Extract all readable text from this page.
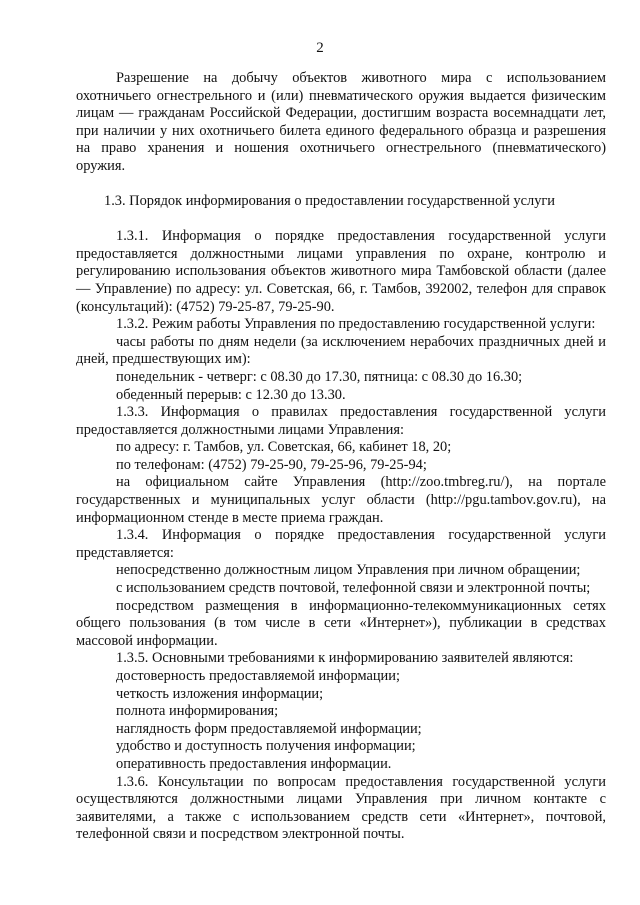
2

Разрешение на добычу объектов животного мира с использованием охотничьего огнестрельного и (или) пневматического оружия выдается физическим лицам — гражданам Российской Федерации, достигшим возраста восемнадцати лет, при наличии у них охотничьего билета единого федерального образца и разрешения на право хранения и ношения охотничьего огнестрельного (пневматического) оружия.

1.3. Порядок информирования о предоставлении государственной услуги

1.3.1. Информация о порядке предоставления государственной услуги предоставляется должностными лицами управления по охране, контролю и регулированию использования объектов животного мира Тамбовской области (далее — Управление) по адресу: ул. Советская, 66, г. Тамбов, 392002, телефон для справок (консультаций): (4752) 79-25-87, 79-25-90.

1.3.2. Режим работы Управления по предоставлению государственной услуги:

часы работы по дням недели (за исключением нерабочих праздничных дней и дней, предшествующих им):

понедельник - четверг: с 08.30 до 17.30, пятница: с 08.30 до 16.30;

обеденный перерыв: с 12.30 до 13.30.

1.3.3. Информация о правилах предоставления государственной услуги предоставляется должностными лицами Управления:

по адресу: г. Тамбов, ул. Советская, 66, кабинет 18, 20;

по телефонам: (4752) 79-25-90, 79-25-96, 79-25-94;

на официальном сайте Управления (http://zoo.tmbreg.ru/), на портале государственных и муниципальных услуг области (http://pgu.tambov.gov.ru), на информационном стенде в месте приема граждан.

1.3.4. Информация о порядке предоставления государственной услуги представляется:

непосредственно должностным лицом Управления при личном обращении;

с использованием средств почтовой, телефонной связи и электронной почты;

посредством размещения в информационно-телекоммуникационных сетях общего пользования (в том числе в сети «Интернет»), публикации в средствах массовой информации.

1.3.5. Основными требованиями к информированию заявителей являются:

достоверность предоставляемой информации;

четкость изложения информации;

полнота информирования;

наглядность форм предоставляемой информации;

удобство и доступность получения информации;

оперативность предоставления информации.

1.3.6. Консультации по вопросам предоставления государственной услуги осуществляются должностными лицами Управления при личном контакте с заявителями, а также с использованием средств сети «Интернет», почтовой, телефонной связи и посредством электронной почты.
